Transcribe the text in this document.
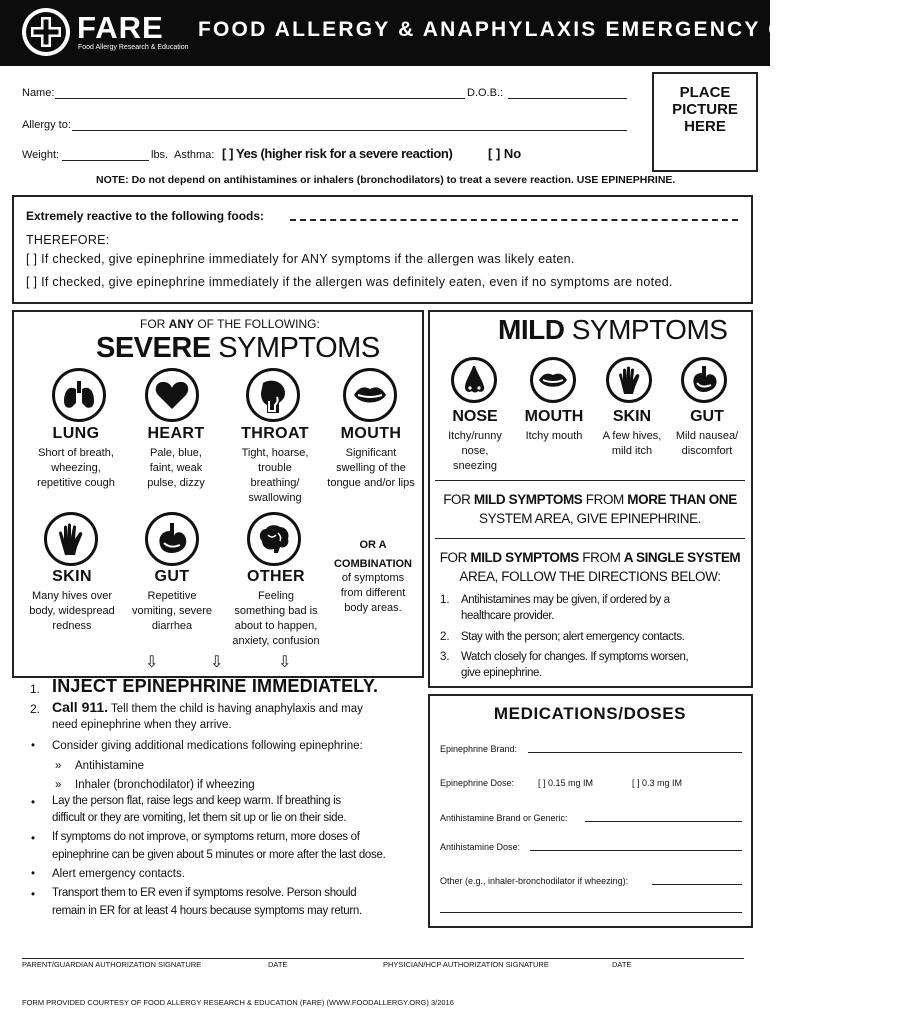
FARE
Food Allergy Research & Education
FOOD ALLERGY & ANAPHYLAXIS EMERGENCY CARE PLAN
PLACE
PICTURE
HERE
Name:	D.O.B.:
Allergy to:
Weight:	lbs. Asthma: [ ] Yes (higher risk for a severe reaction)	[ ] No
NOTE: Do not depend on antihistamines or inhalers (bronchodilators) to treat a severe reaction. USE EPINEPHRINE.
Extremely reactive to the following foods:
THEREFORE:
[ ] If checked, give epinephrine immediately for ANY symptoms if the allergen was likely eaten.
[ ] If checked, give epinephrine immediately if the allergen was definitely eaten, even if no symptoms are noted.
FOR ANY OF THE FOLLOWING:
SEVERE SYMPTOMS
LUNG
Short of breath,
wheezing,
repetitive cough
HEART
Pale, blue,
faint, weak
pulse, dizzy
THROAT
Tight, hoarse,
trouble
breathing/
swallowing
MOUTH
Significant
swelling of the
tongue and/or lips
SKIN
Many hives over
body, widespread
redness
GUT
Repetitive
vomiting, severe
diarrhea
OTHER
Feeling
something bad is
about to happen,
anxiety, confusion
OR A
COMBINATION
of symptoms
from different
body areas.
⇩	⇩	⇩
MILD SYMPTOMS
NOSE
Itchy/runny
nose,
sneezing
MOUTH
Itchy mouth
SKIN
A few hives,
mild itch
GUT
Mild nausea/
discomfort
FOR MILD SYMPTOMS FROM MORE THAN ONE
SYSTEM AREA, GIVE EPINEPHRINE.
FOR MILD SYMPTOMS FROM A SINGLE SYSTEM
AREA, FOLLOW THE DIRECTIONS BELOW:
1. Antihistamines may be given, if ordered by a
healthcare provider.
2. Stay with the person; alert emergency contacts.
3. Watch closely for changes. If symptoms worsen,
give epinephrine.
1. INJECT EPINEPHRINE IMMEDIATELY.
2. Call 911. Tell them the child is having anaphylaxis and may
need epinephrine when they arrive.
• Consider giving additional medications following epinephrine:
» Antihistamine
» Inhaler (bronchodilator) if wheezing
• Lay the person flat, raise legs and keep warm. If breathing is
difficult or they are vomiting, let them sit up or lie on their side.
• If symptoms do not improve, or symptoms return, more doses of
epinephrine can be given about 5 minutes or more after the last dose.
• Alert emergency contacts.
• Transport them to ER even if symptoms resolve. Person should
remain in ER for at least 4 hours because symptoms may return.
MEDICATIONS/DOSES
Epinephrine Brand:
Epinephrine Dose:	[ ] 0.15 mg IM	[ ] 0.3 mg IM
Antihistamine Brand or Generic:
Antihistamine Dose:
Other (e.g., inhaler-bronchodilator if wheezing):
PARENT/GUARDIAN AUTHORIZATION SIGNATURE	DATE	PHYSICIAN/HCP AUTHORIZATION SIGNATURE	DATE
FORM PROVIDED COURTESY OF FOOD ALLERGY RESEARCH & EDUCATION (FARE) (WWW.FOODALLERGY.ORG) 3/2016
